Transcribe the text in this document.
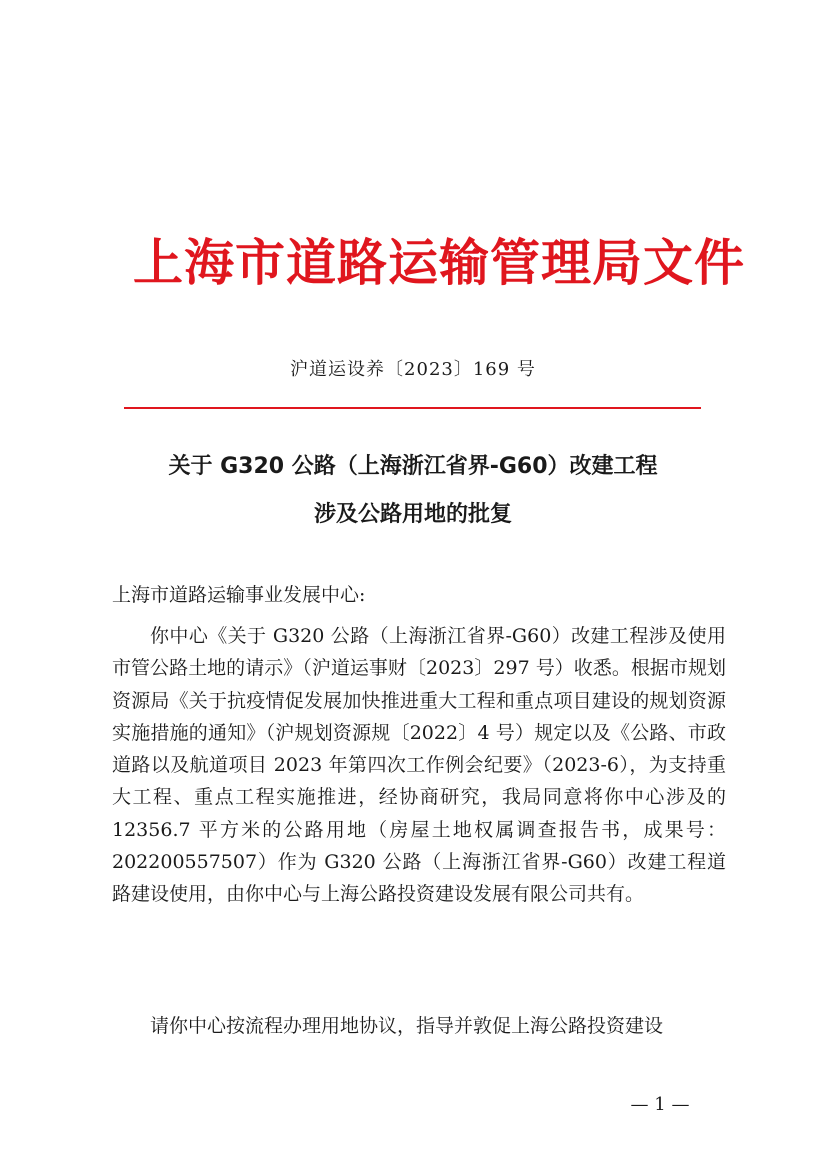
上海市道路运输管理局文件
沪道运设养〔2023〕169 号
关于 G320 公路（上海浙江省界-G60）改建工程
涉及公路用地的批复
上海市道路运输事业发展中心:
你中心《关于 G320 公路（上海浙江省界-G60）改建工程涉及使用市管公路土地的请示》（沪道运事财〔2023〕297 号）收悉。根据市规划资源局《关于抗疫情促发展加快推进重大工程和重点项目建设的规划资源实施措施的通知》（沪规划资源规〔2022〕4 号）规定以及《公路、市政道路以及航道项目 2023 年第四次工作例会纪要》（2023-6），为支持重大工程、重点工程实施推进，经协商研究，我局同意将你中心涉及的 12356.7 平方米的公路用地（房屋土地权属调查报告书，成果号：202200557507）作为 G320 公路（上海浙江省界-G60）改建工程道路建设使用，由你中心与上海公路投资建设发展有限公司共有。
请你中心按流程办理用地协议，指导并敦促上海公路投资建设
— 1 —
